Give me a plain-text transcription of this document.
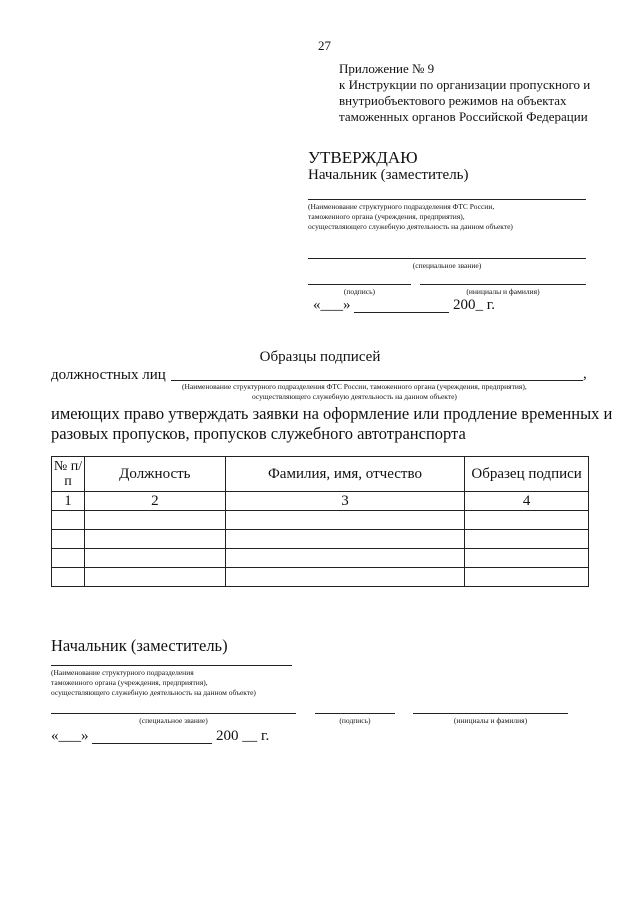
27
Приложение № 9
к Инструкции по организации пропускного и
внутриобъектового режимов на объектах
таможенных органов Российской Федерации
УТВЕРЖДАЮ
Начальник (заместитель)
(Наименование структурного подразделения ФТС России,
таможенного органа (учреждения, предприятия),
осуществляющего служебную деятельность на данном объекте)
(специальное звание)
(подпись)	(инициалы и фамилия)
«___»	200_ г.
Образцы подписей
должностных лиц	,
(Наименование структурного подразделения ФТС России, таможенного органа (учреждения, предприятия),
осуществляющего служебную деятельность на данном объекте)
имеющих право утверждать заявки на оформление или продление временных и
разовых пропусков, пропусков служебного автотранспорта
№ п/п	Должность	Фамилия, имя, отчество	Образец подписи
1	2	3	4

Начальник (заместитель)
(Наименование структурного подразделения
таможенного органа (учреждения, предприятия),
осуществляющего служебную деятельность на данном объекте)
(специальное звание)	(подпись)	(инициалы и фамилия)
«___»	200 __ г.
